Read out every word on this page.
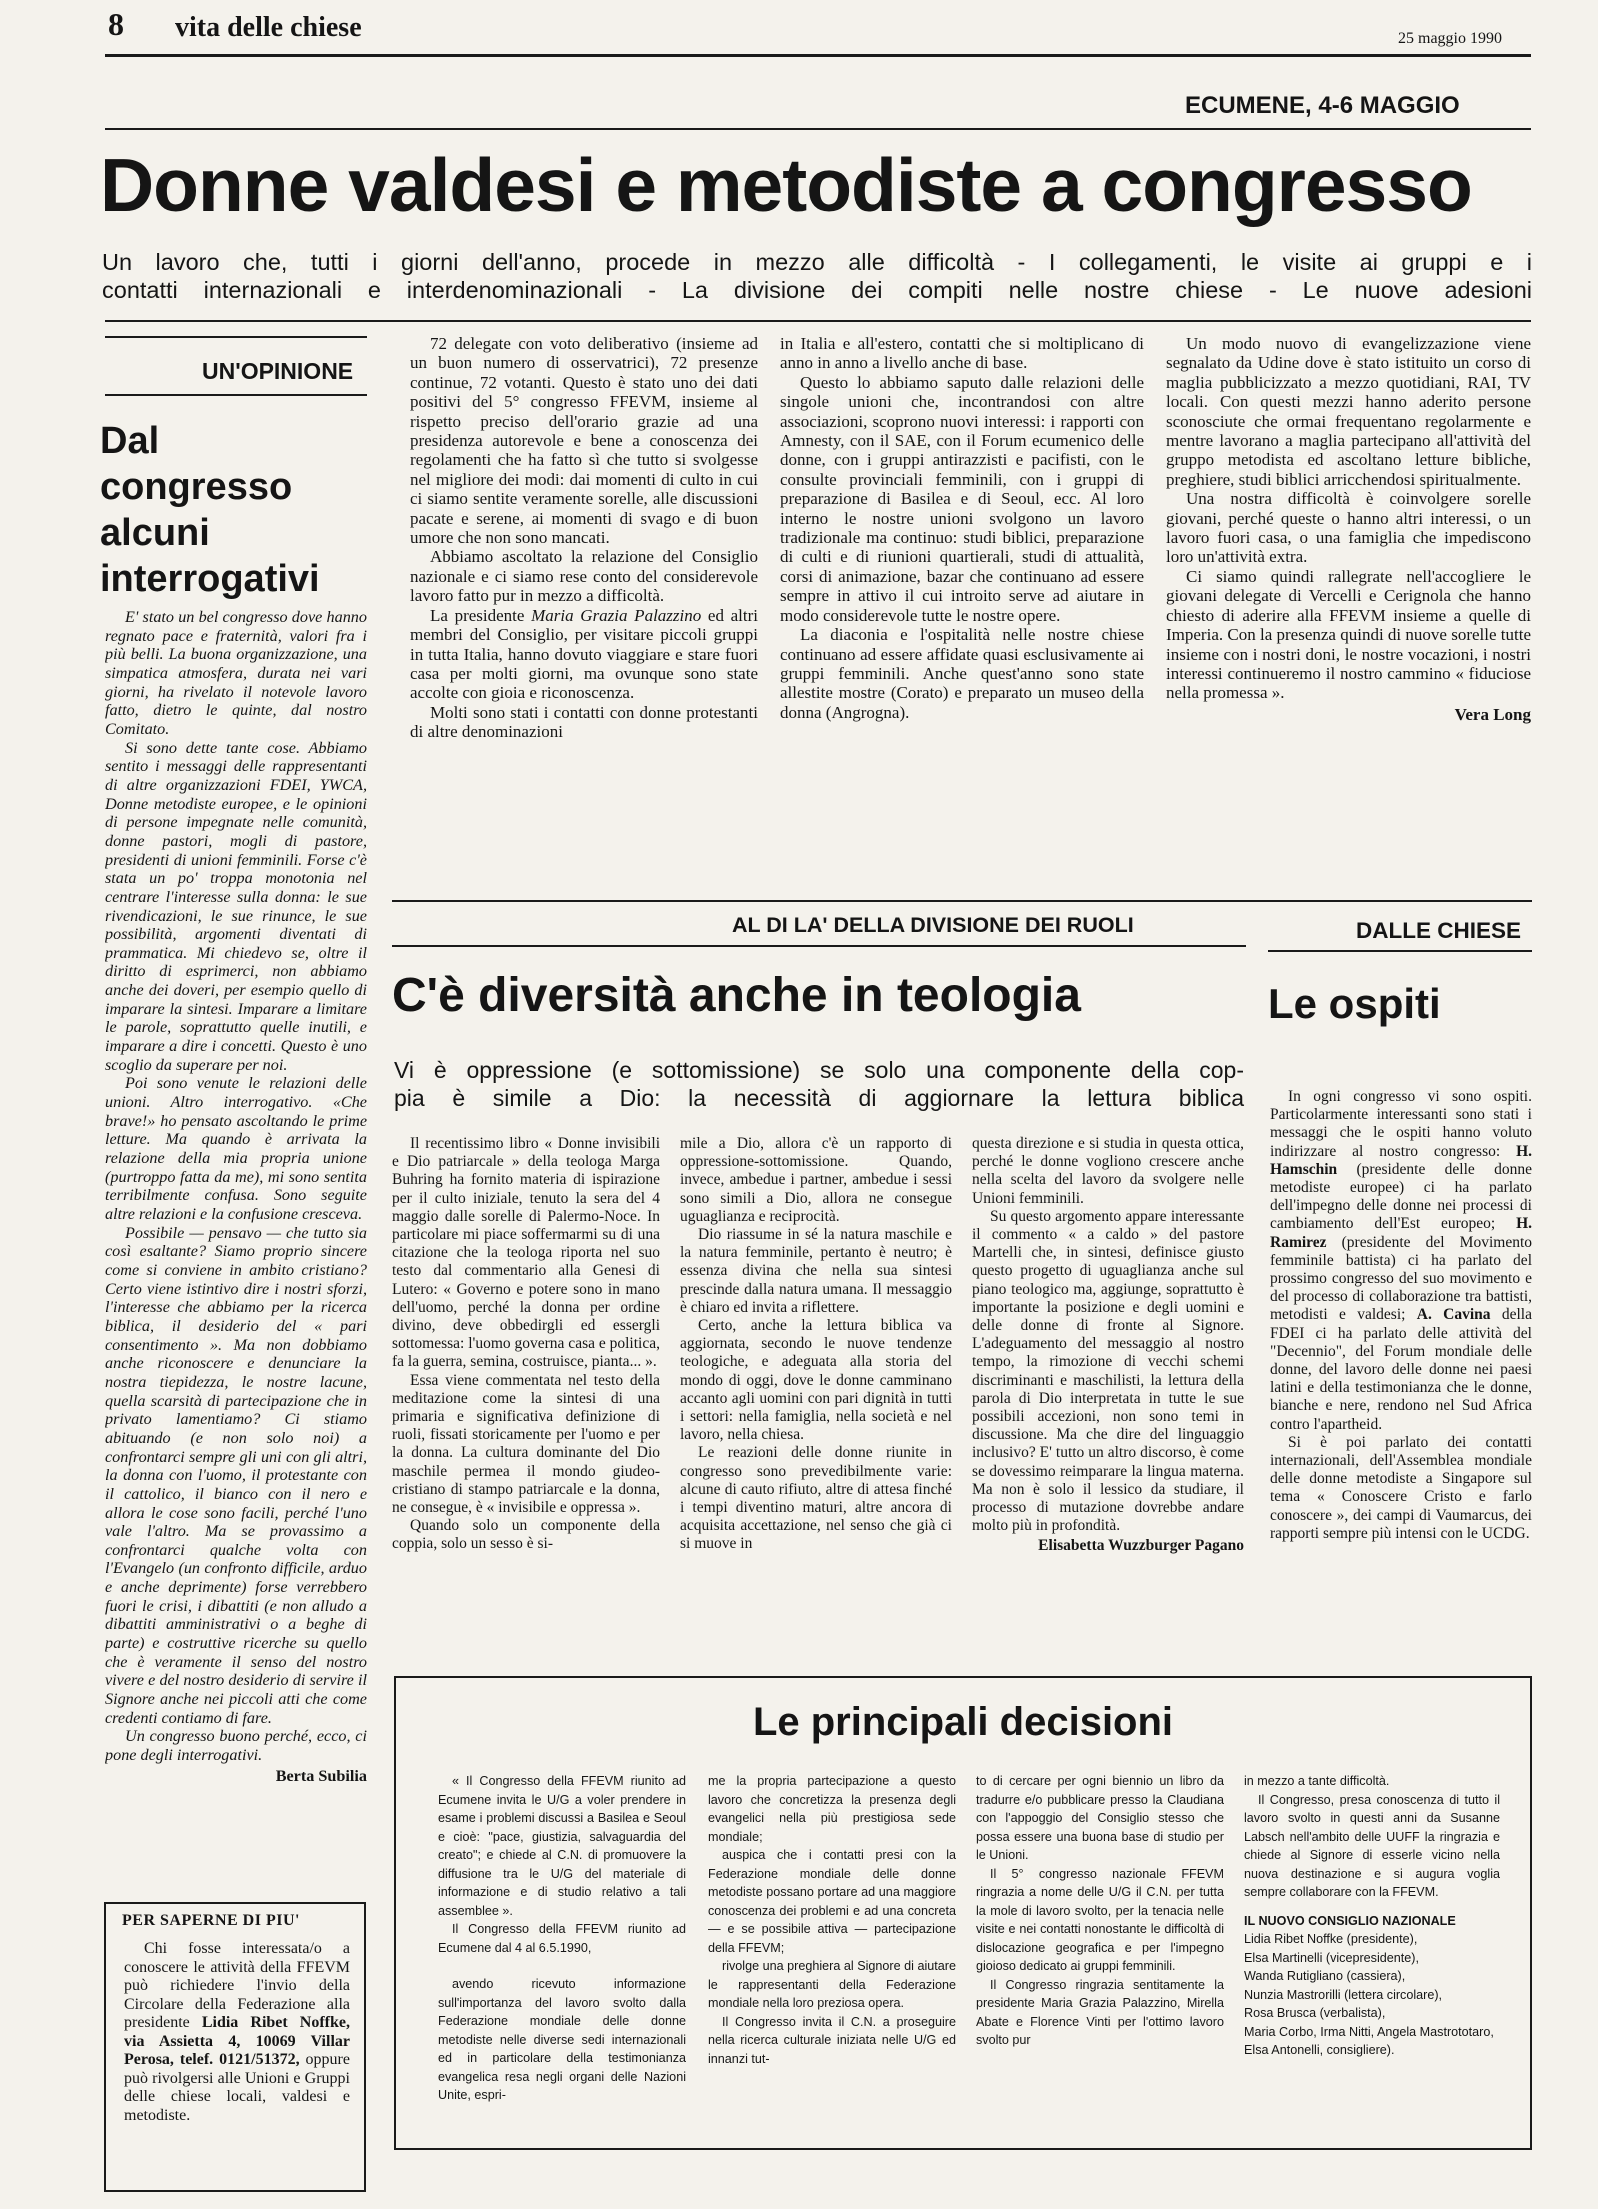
8 vita delle chiese	25 maggio 1990
ECUMENE, 4-6 MAGGIO
Donne valdesi e metodiste a congresso
Un lavoro che, tutti i giorni dell'anno, procede in mezzo alle difficoltà - I collegamenti, le visite ai gruppi e i
contatti internazionali e interdenominazionali - La divisione dei compiti nelle nostre chiese - Le nuove adesioni

72 delegate con voto deliberativo (insieme ad un buon numero di osservatrici), 72 presenze continue, 72 votanti. Questo è stato uno dei dati positivi del 5° congresso FFEVM, insieme al rispetto preciso dell'orario grazie ad una presidenza autorevole e bene a conoscenza dei regolamenti che ha fatto sì che tutto si svolgesse nel migliore dei modi: dai momenti di culto in cui ci siamo sentite veramente sorelle, alle discussioni pacate e serene, ai momenti di svago e di buon umore che non sono mancati.

Abbiamo ascoltato la relazione del Consiglio nazionale e ci siamo rese conto del considerevole lavoro fatto pur in mezzo a difficoltà.

La presidente Maria Grazia Palazzino ed altri membri del Consiglio, per visitare piccoli gruppi in tutta Italia, hanno dovuto viaggiare e stare fuori casa per molti giorni, ma ovunque sono state accolte con gioia e riconoscenza.

Molti sono stati i contatti con donne protestanti di altre denominazioni

in Italia e all'estero, contatti che si moltiplicano di anno in anno a livello anche di base.

Questo lo abbiamo saputo dalle relazioni delle singole unioni che, incontrandosi con altre associazioni, scoprono nuovi interessi: i rapporti con Amnesty, con il SAE, con il Forum ecumenico delle donne, con i gruppi antirazzisti e pacifisti, con le consulte provinciali femminili, con i gruppi di preparazione di Basilea e di Seoul, ecc. Al loro interno le nostre unioni svolgono un lavoro tradizionale ma continuo: studi biblici, preparazione di culti e di riunioni quartierali, studi di attualità, corsi di animazione, bazar che continuano ad essere sempre in attivo il cui introito serve ad aiutare in modo considerevole tutte le nostre opere.

La diaconia e l'ospitalità nelle nostre chiese continuano ad essere affidate quasi esclusivamente ai gruppi femminili. Anche quest'anno sono state allestite mostre (Corato) e preparato un museo della donna (Angrogna).

Un modo nuovo di evangelizzazione viene segnalato da Udine dove è stato istituito un corso di maglia pubblicizzato a mezzo quotidiani, RAI, TV locali. Con questi mezzi hanno aderito persone sconosciute che ormai frequentano regolarmente e mentre lavorano a maglia partecipano all'attività del gruppo metodista ed ascoltano letture bibliche, preghiere, studi biblici arricchendosi spiritualmente.

Una nostra difficoltà è coinvolgere sorelle giovani, perché queste o hanno altri interessi, o un lavoro fuori casa, o una famiglia che impediscono loro un'attività extra.

Ci siamo quindi rallegrate nell'accogliere le giovani delegate di Vercelli e Cerignola che hanno chiesto di aderire alla FFEVM insieme a quelle di Imperia. Con la presenza quindi di nuove sorelle tutte insieme con i nostri doni, le nostre vocazioni, i nostri interessi continueremo il nostro cammino « fiduciose nella promessa ».

Vera Long
UN'OPINIONE
Dal
congresso
alcuni
interrogativi

E' stato un bel congresso dove hanno regnato pace e fraternità, valori fra i più belli. La buona organizzazione, una simpatica atmosfera, durata nei vari giorni, ha rivelato il notevole lavoro fatto, dietro le quinte, dal nostro Comitato.

Si sono dette tante cose. Abbiamo sentito i messaggi delle rappresentanti di altre organizzazioni FDEI, YWCA, Donne metodiste europee, e le opinioni di persone impegnate nelle comunità, donne pastori, mogli di pastore, presidenti di unioni femminili. Forse c'è stata un po' troppa monotonia nel centrare l'interesse sulla donna: le sue rivendicazioni, le sue rinunce, le sue possibilità, argomenti diventati di prammatica. Mi chiedevo se, oltre il diritto di esprimerci, non abbiamo anche dei doveri, per esempio quello di imparare la sintesi. Imparare a limitare le parole, soprattutto quelle inutili, e imparare a dire i concetti. Questo è uno scoglio da superare per noi.

Poi sono venute le relazioni delle unioni. Altro interrogativo. «Che brave!» ho pensato ascoltando le prime letture. Ma quando è arrivata la relazione della mia propria unione (purtroppo fatta da me), mi sono sentita terribilmente confusa. Sono seguite altre relazioni e la confusione cresceva.

Possibile — pensavo — che tutto sia così esaltante? Siamo proprio sincere come si conviene in ambito cristiano? Certo viene istintivo dire i nostri sforzi, l'interesse che abbiamo per la ricerca biblica, il desiderio del « pari consentimento ». Ma non dobbiamo anche riconoscere e denunciare la nostra tiepidezza, le nostre lacune, quella scarsità di partecipazione che in privato lamentiamo? Ci stiamo abituando (e non solo noi) a confrontarci sempre gli uni con gli altri, la donna con l'uomo, il protestante con il cattolico, il bianco con il nero e allora le cose sono facili, perché l'uno vale l'altro. Ma se provassimo a confrontarci qualche volta con l'Evangelo (un confronto difficile, arduo e anche deprimente) forse verrebbero fuori le crisi, i dibattiti (e non alludo a dibattiti amministrativi o a beghe di parte) e costruttive ricerche su quello che è veramente il senso del nostro vivere e del nostro desiderio di servire il Signore anche nei piccoli atti che come credenti contiamo di fare.

Un congresso buono perché, ecco, ci pone degli interrogativi.

Berta Subilia
PER SAPERNE DI PIU'

Chi fosse interessata/o a conoscere le attività della FFEVM può richiedere l'invio della Circolare della Federazione alla presidente Lidia Ribet Noffke, via Assietta 4, 10069 Villar Perosa, telef. 0121/51372, oppure può rivolgersi alle Unioni e Gruppi delle chiese locali, valdesi e metodiste.

AL DI LA' DELLA DIVISIONE DEI RUOLI
C'è diversità anche in teologia
Vi è oppressione (e sottomissione) se solo una componente della cop-
pia è simile a Dio: la necessità di aggiornare la lettura biblica

Il recentissimo libro « Donne invisibili e Dio patriarcale » della teologa Marga Buhring ha fornito materia di ispirazione per il culto iniziale, tenuto la sera del 4 maggio dalle sorelle di Palermo-Noce. In particolare mi piace soffermarmi su di una citazione che la teologa riporta nel suo testo dal commentario alla Genesi di Lutero: « Governo e potere sono in mano dell'uomo, perché la donna per ordine divino, deve obbedirgli ed essergli sottomessa: l'uomo governa casa e politica, fa la guerra, semina, costruisce, pianta... ».

Essa viene commentata nel testo della meditazione come la sintesi di una primaria e significativa definizione di ruoli, fissati storicamente per l'uomo e per la donna. La cultura dominante del Dio maschile permea il mondo giudeo-cristiano di stampo patriarcale e la donna, ne consegue, è « invisibile e oppressa ».

Quando solo un componente della coppia, solo un sesso è si-

mile a Dio, allora c'è un rapporto di oppressione-sottomissione. Quando, invece, ambedue i partner, ambedue i sessi sono simili a Dio, allora ne consegue uguaglianza e reciprocità.

Dio riassume in sé la natura maschile e la natura femminile, pertanto è neutro; è essenza divina che nella sua sintesi prescinde dalla natura umana. Il messaggio è chiaro ed invita a riflettere.

Certo, anche la lettura biblica va aggiornata, secondo le nuove tendenze teologiche, e adeguata alla storia del mondo di oggi, dove le donne camminano accanto agli uomini con pari dignità in tutti i settori: nella famiglia, nella società e nel lavoro, nella chiesa.

Le reazioni delle donne riunite in congresso sono prevedibilmente varie: alcune di cauto rifiuto, altre di attesa finché i tempi diventino maturi, altre ancora di acquisita accettazione, nel senso che già ci si muove in

questa direzione e si studia in questa ottica, perché le donne vogliono crescere anche nella scelta del lavoro da svolgere nelle Unioni femminili.

Su questo argomento appare interessante il commento « a caldo » del pastore Martelli che, in sintesi, definisce giusto questo progetto di uguaglianza anche sul piano teologico ma, aggiunge, soprattutto è importante la posizione e degli uomini e delle donne di fronte al Signore. L'adeguamento del messaggio al nostro tempo, la rimozione di vecchi schemi discriminanti e maschilisti, la lettura della parola di Dio interpretata in tutte le sue possibili accezioni, non sono temi in discussione. Ma che dire del linguaggio inclusivo? E' tutto un altro discorso, è come se dovessimo reimparare la lingua materna. Ma non è solo il lessico da studiare, il processo di mutazione dovrebbe andare molto più in profondità.

Elisabetta Wuzzburger Pagano
DALLE CHIESE
Le ospiti

In ogni congresso vi sono ospiti. Particolarmente interessanti sono stati i messaggi che le ospiti hanno voluto indirizzare al nostro congresso: H. Hamschin (presidente delle donne metodiste europee) ci ha parlato dell'impegno delle donne nei processi di cambiamento dell'Est europeo; H. Ramirez (presidente del Movimento femminile battista) ci ha parlato del prossimo congresso del suo movimento e del processo di collaborazione tra battisti, metodisti e valdesi; A. Cavina della FDEI ci ha parlato delle attività del "Decennio", del Forum mondiale delle donne, del lavoro delle donne nei paesi latini e della testimonianza che le donne, bianche e nere, rendono nel Sud Africa contro l'apartheid.

Si è poi parlato dei contatti internazionali, dell'Assemblea mondiale delle donne metodiste a Singapore sul tema « Conoscere Cristo e farlo conoscere », dei campi di Vaumarcus, dei rapporti sempre più intensi con le UCDG.

Le principali decisioni

« Il Congresso della FFEVM riunito ad Ecumene invita le U/G a voler prendere in esame i problemi discussi a Basilea e Seoul e cioè: "pace, giustizia, salvaguardia del creato"; e chiede al C.N. di promuovere la diffusione tra le U/G del materiale di informazione e di studio relativo a tali assemblee ».

Il Congresso della FFEVM riunito ad Ecumene dal 4 al 6.5.1990,

avendo ricevuto informazione sull'importanza del lavoro svolto dalla Federazione mondiale delle donne metodiste nelle diverse sedi internazionali ed in particolare della testimonianza evangelica resa negli organi delle Nazioni Unite, espri-

me la propria partecipazione a questo lavoro che concretizza la presenza degli evangelici nella più prestigiosa sede mondiale;

auspica che i contatti presi con la Federazione mondiale delle donne metodiste possano portare ad una maggiore conoscenza dei problemi e ad una concreta — e se possibile attiva — partecipazione della FFEVM;

rivolge una preghiera al Signore di aiutare le rappresentanti della Federazione mondiale nella loro preziosa opera.

Il Congresso invita il C.N. a proseguire nella ricerca culturale iniziata nelle U/G ed innanzi tut-

to di cercare per ogni biennio un libro da tradurre e/o pubblicare presso la Claudiana con l'appoggio del Consiglio stesso che possa essere una buona base di studio per le Unioni.

Il 5° congresso nazionale FFEVM ringrazia a nome delle U/G il C.N. per tutta la mole di lavoro svolto, per la tenacia nelle visite e nei contatti nonostante le difficoltà di dislocazione geografica e per l'impegno gioioso dedicato ai gruppi femminili.

Il Congresso ringrazia sentitamente la presidente Maria Grazia Palazzino, Mirella Abate e Florence Vinti per l'ottimo lavoro svolto pur

in mezzo a tante difficoltà.

Il Congresso, presa conoscenza di tutto il lavoro svolto in questi anni da Susanne Labsch nell'ambito delle UUFF la ringrazia e chiede al Signore di esserle vicino nella nuova destinazione e si augura voglia sempre collaborare con la FFEVM.

IL NUOVO CONSIGLIO NAZIONALE
Lidia Ribet Noffke (presidente),
Elsa Martinelli (vicepresidente),
Wanda Rutigliano (cassiera),
Nunzia Mastrorilli (lettera circolare),
Rosa Brusca (verbalista),
Maria Corbo, Irma Nitti, Angela Mastrototaro, Elsa Antonelli, consigliere).
